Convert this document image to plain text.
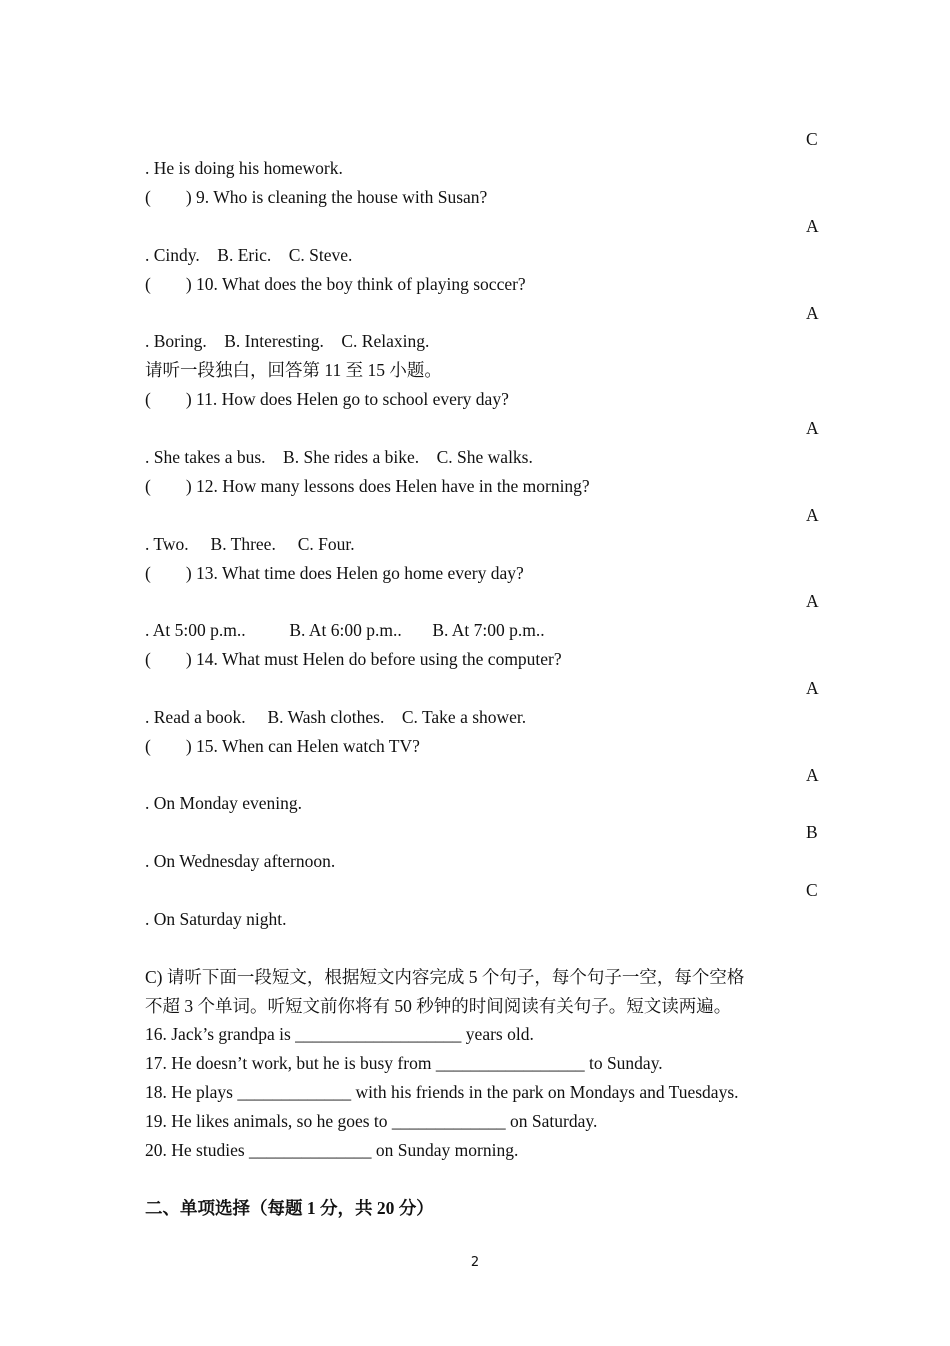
C
. He is doing his homework.
(        ) 9. Who is cleaning the house with Susan?
A
. Cindy.    B. Eric.    C. Steve.
(        ) 10. What does the boy think of playing soccer?
A
. Boring.    B. Interesting.    C. Relaxing.
请听一段独白，回答第 11 至 15 小题。
(        ) 11. How does Helen go to school every day?
A
. She takes a bus.    B. She rides a bike.    C. She walks.
(        ) 12. How many lessons does Helen have in the morning?
A
. Two.     B. Three.     C. Four.
(        ) 13. What time does Helen go home every day?
A
. At 5:00 p.m..          B. At 6:00 p.m..       B. At 7:00 p.m..
(        ) 14. What must Helen do before using the computer?
A
. Read a book.     B. Wash clothes.    C. Take a shower.
(        ) 15. When can Helen watch TV?
A
. On Monday evening.
B
. On Wednesday afternoon.
C
. On Saturday night.
C) 请听下面一段短文，根据短文内容完成 5 个句子，每个句子一空，每个空格
不超 3 个单词。听短文前你将有 50 秒钟的时间阅读有关句子。短文读两遍。
16. Jack’s grandpa is ___________________ years old.
17. He doesn’t work, but he is busy from _________________ to Sunday.
18. He plays _____________ with his friends in the park on Mondays and Tuesdays.
19. He likes animals, so he goes to _____________ on Saturday.
20. He studies ______________ on Sunday morning.
二、单项选择（每题 1 分，共 20 分）
2
